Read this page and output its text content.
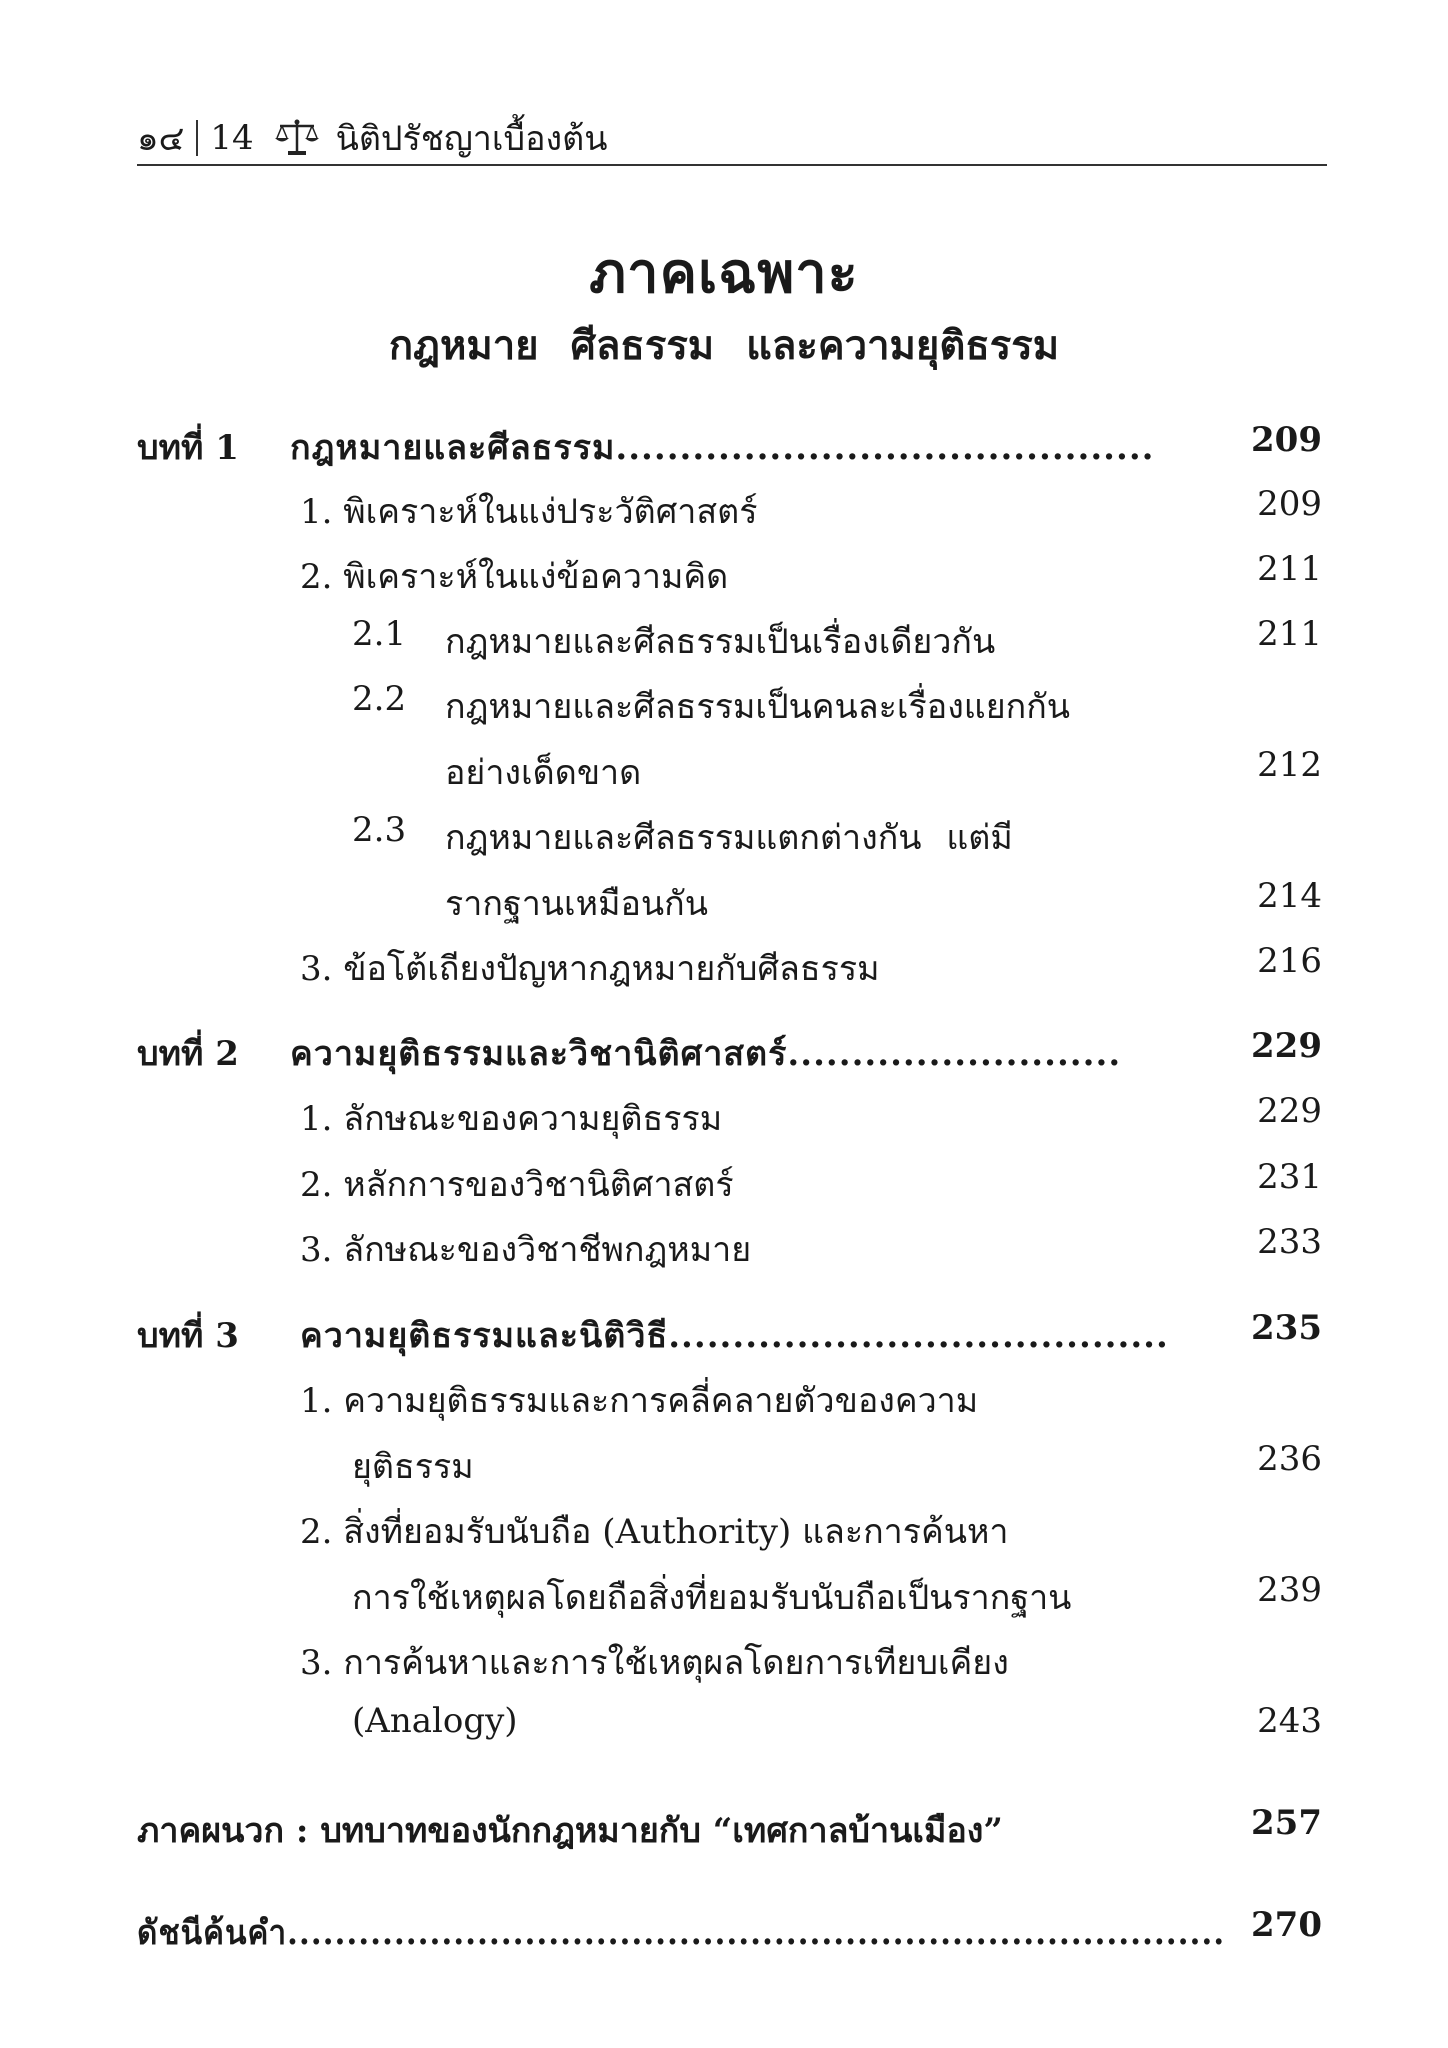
๑๔ 14 นิติปรัชญาเบื้องต้น
ภาคเฉพาะ
กฎหมาย ศีลธรรม และความยุติธรรม
บทที่ 1 กฎหมายและศีลธรรม..........................................	209
1. พิเคราะห์ในแง่ประวัติศาสตร์	209
2. พิเคราะห์ในแง่ข้อความคิด	211
2.1 กฎหมายและศีลธรรมเป็นเรื่องเดียวกัน	211
2.2 กฎหมายและศีลธรรมเป็นคนละเรื่องแยกกัน
อย่างเด็ดขาด	212
2.3 กฎหมายและศีลธรรมแตกต่างกัน แต่มี
รากฐานเหมือนกัน	214
3. ข้อโต้เถียงปัญหากฎหมายกับศีลธรรม	216
บทที่ 2 ความยุติธรรมและวิชานิติศาสตร์..........................	229
1. ลักษณะของความยุติธรรม	229
2. หลักการของวิชานิติศาสตร์	231
3. ลักษณะของวิชาชีพกฎหมาย	233
บทที่ 3 ความยุติธรรมและนิติวิธี....................................... 235
1. ความยุติธรรมและการคลี่คลายตัวของความ
ยุติธรรม	236
2. สิ่งที่ยอมรับนับถือ (Authority) และการค้นหา
การใช้เหตุผลโดยถือสิ่งที่ยอมรับนับถือเป็นรากฐาน	239
3. การค้นหาและการใช้เหตุผลโดยการเทียบเคียง
(Analogy)	243
ภาคผนวก : บทบาทของนักกฎหมายกับ “เทศกาลบ้านเมือง”	257
ดัชนีค้นคำ............................................................................... 270
